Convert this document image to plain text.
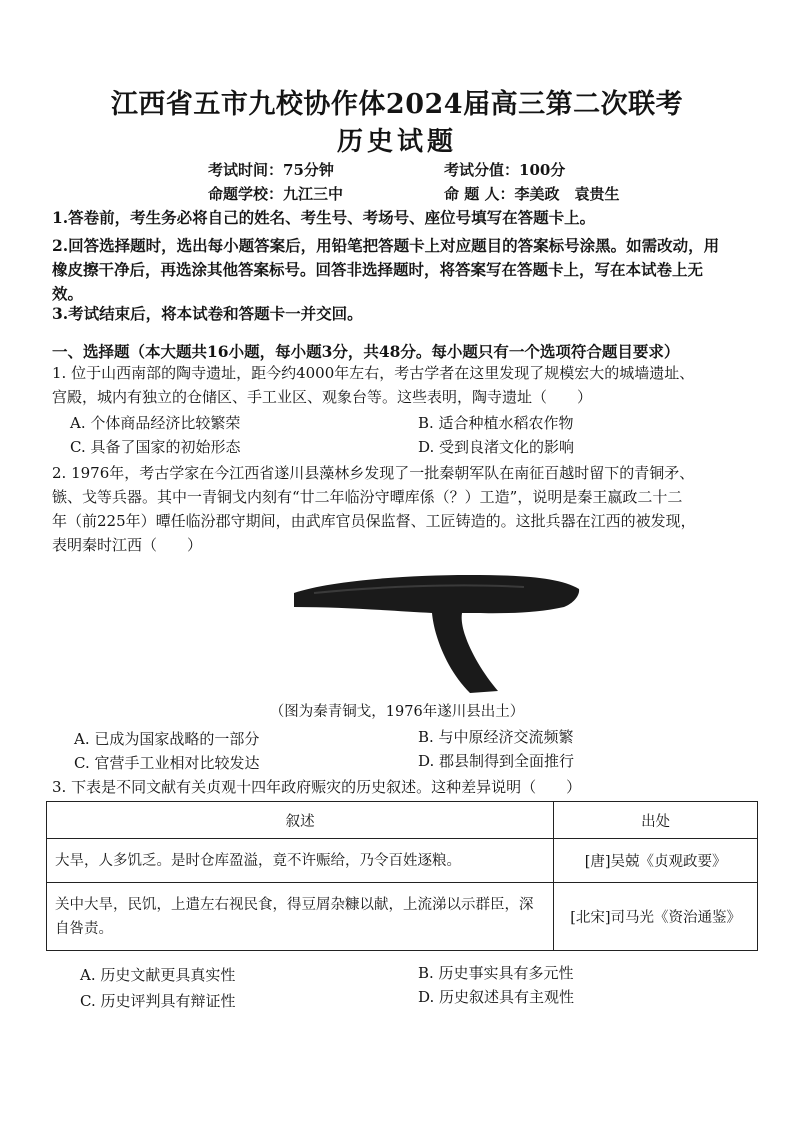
江西省五市九校协作体2024届高三第二次联考
历史试题
考试时间：75分钟	考试分值：100分
命题学校：九江三中	命 题 人：李美政　袁贵生
1.答卷前，考生务必将自己的姓名、考生号、考场号、座位号填写在答题卡上。
2.回答选择题时，选出每小题答案后，用铅笔把答题卡上对应题目的答案标号涂黑。如需改动，用
橡皮擦干净后，再选涂其他答案标号。回答非选择题时，将答案写在答题卡上，写在本试卷上无
效。
3.考试结束后，将本试卷和答题卡一并交回。
一、选择题（本大题共16小题，每小题3分，共48分。每小题只有一个选项符合题目要求）
1. 位于山西南部的陶寺遗址，距今约4000年左右，考古学者在这里发现了规模宏大的城墙遗址、
宫殿，城内有独立的仓储区、手工业区、观象台等。这些表明，陶寺遗址（　　）
A. 个体商品经济比较繁荣	B. 适合种植水稻农作物
C. 具备了国家的初始形态	D. 受到良渚文化的影响
2. 1976年，考古学家在今江西省遂川县藻林乡发现了一批秦朝军队在南征百越时留下的青铜矛、
镞、戈等兵器。其中一青铜戈内刻有“廿二年临汾守曋库係（？）工造”，说明是秦王嬴政二十二
年（前225年）曋任临汾郡守期间，由武库官员保监督、工匠铸造的。这批兵器在江西的被发现，
表明秦时江西（　　）
（图为秦青铜戈，1976年遂川县出土）
A. 已成为国家战略的一部分	B. 与中原经济交流频繁
C. 官营手工业相对比较发达	D. 郡县制得到全面推行
3. 下表是不同文献有关贞观十四年政府赈灾的历史叙述。这种差异说明（　　）
叙述	出处
大旱，人多饥乏。是时仓库盈溢，竟不许赈给，乃令百姓逐粮。	[唐]吴兢《贞观政要》
关中大旱，民饥，上遣左右视民食，得豆屑杂糠以献，上流涕以示群臣，深自咎责。	[北宋]司马光《资治通鉴》
A. 历史文献更具真实性	B. 历史事实具有多元性
C. 历史评判具有辩证性	D. 历史叙述具有主观性
